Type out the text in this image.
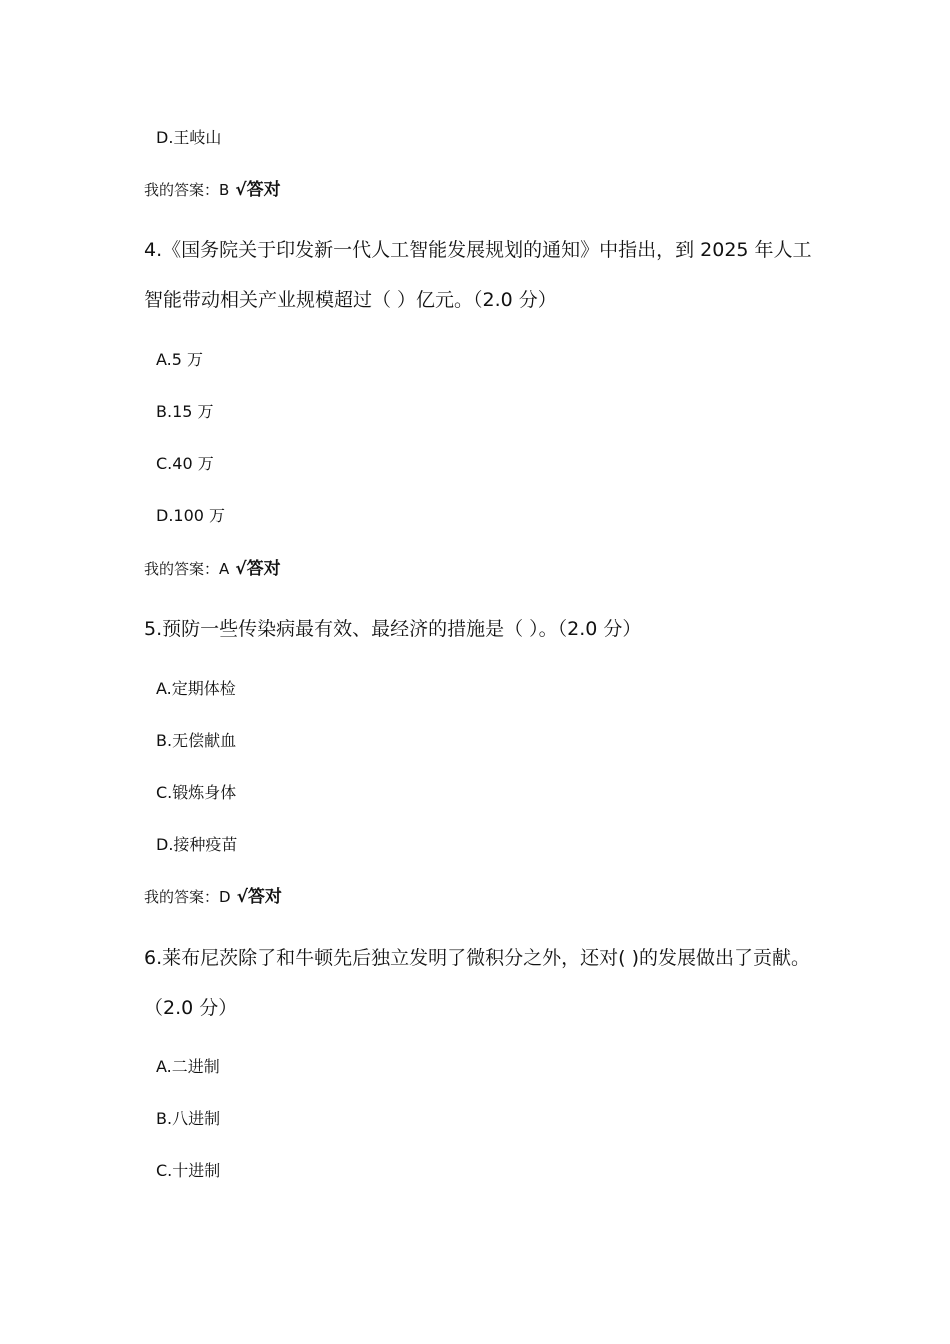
D.王岐山
我的答案：B √答对
4.《国务院关于印发新一代人工智能发展规划的通知》中指出，到 2025 年人工
智能带动相关产业规模超过（ ）亿元。（2.0 分）
A.5 万
B.15 万
C.40 万
D.100 万
我的答案：A √答对
5.预防一些传染病最有效、最经济的措施是（ ）。（2.0 分）
A.定期体检
B.无偿献血
C.锻炼身体
D.接种疫苗
我的答案：D √答对
6.莱布尼茨除了和牛顿先后独立发明了微积分之外，还对( )的发展做出了贡献。
（2.0 分）
A.二进制
B.八进制
C.十进制
